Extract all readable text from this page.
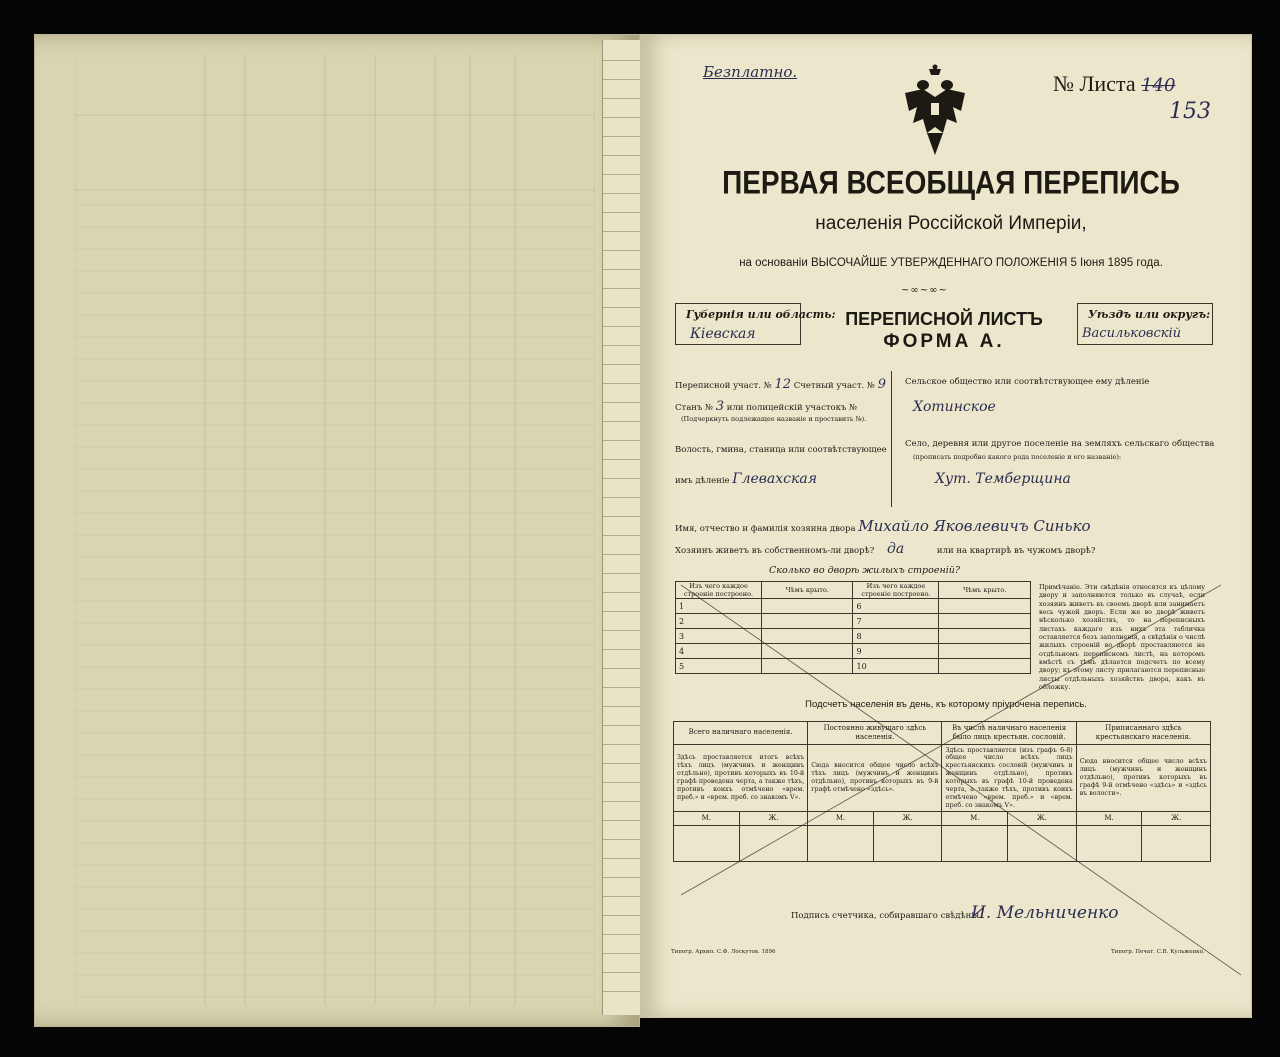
Безплатно.	№ Листа 140
153
ПЕРВАЯ ВСЕОБЩАЯ ПЕРЕПИСЬ
населенія Россійской Имперіи,
на основаніи ВЫСОЧАЙШЕ УТВЕРЖДЕННАГО ПОЛОЖЕНІЯ 5 Іюня 1895 года.
~∞~∞~
Губернія или область:
Кіевская
ПЕРЕПИСНОЙ ЛИСТЪ
ФОРМА А.
Уѣздъ или округъ:
Васильковскій
Переписной участ. № 12 Счетный участ. № 9
Станъ № 3 или полицейскій участокъ №
(Подчеркнуть подлежащее названіе и проставить №).
Волость, гмина, станица или соотвѣтствующее
имъ дѣленіе Глевахская
Сельское общество или соотвѣтствующее ему дѣленіе
Хотинское
Село, деревня или другое поселеніе на земляхъ сельскаго общества
(прописать подробно какого рода поселеніе и его названіе):
Хут. Темберщина
Имя, отчество и фамилія хозяина двора Михайло Яковлевичъ Синько
Хозяинъ живетъ въ собственномъ-ли дворѣ? да	или на квартирѣ въ чужомъ дворѣ?
Сколько во дворѣ жилыхъ строеній?
Изъ чего каждое строеніе построено.	Чѣмъ крыто.	Изъ чего каждое строеніе построено.	Чѣмъ крыто.
1		6	
2		7	
3		8	
4		9	
5		10	
Примѣчаніе. Эти свѣдѣнія относятся къ цѣлому двору и заполняются только въ случаѣ, если хозяинъ живетъ въ своемъ дворѣ или занимаетъ весь чужой дворъ. Если же во дворѣ живетъ нѣсколько хозяйствъ, то на переписныхъ листахъ каждаго изъ нихъ эта табличка оставляется безъ заполненія, а свѣдѣнія о числѣ жилыхъ строеній во дворѣ проставляются на отдѣльномъ переписномъ листѣ, на которомъ вмѣстѣ съ тѣмъ дѣлается подсчетъ по всему двору; къ этому листу прилагаются переписные листы отдѣльныхъ хозяйствъ двора, какъ въ обложку.
Подсчетъ населенія въ день, къ которому пріурочена перепись.
Всего наличнаго населенія.		Постоянно живущаго здѣсь населенія.		Въ числѣ наличнаго населенія было лицъ крестьян. сословій.		Приписаннаго здѣсь крестьянскаго населенія.	
Здѣсь проставляется итогъ всѣхъ тѣхъ лицъ (мужчинъ и женщинъ отдѣльно), противъ которыхъ въ 10-й графѣ проведена черта, а также тѣхъ, противъ коихъ отмѣчено «врем. преб.» и «врем. преб. со знакомъ V».		Сюда вносится общее число всѣхъ тѣхъ лицъ (мужчинъ и женщинъ отдѣльно), противъ которыхъ въ 9-й графѣ отмѣчено «здѣсь».		Здѣсь проставляется (изъ графъ 6-8) общее число всѣхъ лицъ крестьянскихъ сословій (мужчинъ и женщинъ отдѣльно), противъ которыхъ въ графѣ 10-й проведена черта, а также тѣхъ, противъ коихъ отмѣчено «врем. преб.» и «врем. преб. со знакомъ V».		Сюда вносится общее число всѣхъ лицъ (мужчинъ и женщинъ отдѣльно), противъ которыхъ въ графѣ 9-й отмѣчено «здѣсь» и «здѣсь въ волости».	
М.	Ж.	М.	Ж.	М.	Ж.	М.	Ж.

Подпись счетчика, собиравшаго свѣдѣнія
И. Мельниченко
Типогр. Архип. С.Ф. Лоскутов. 1896	Типогр. Печат. С.В. Кульженко.
